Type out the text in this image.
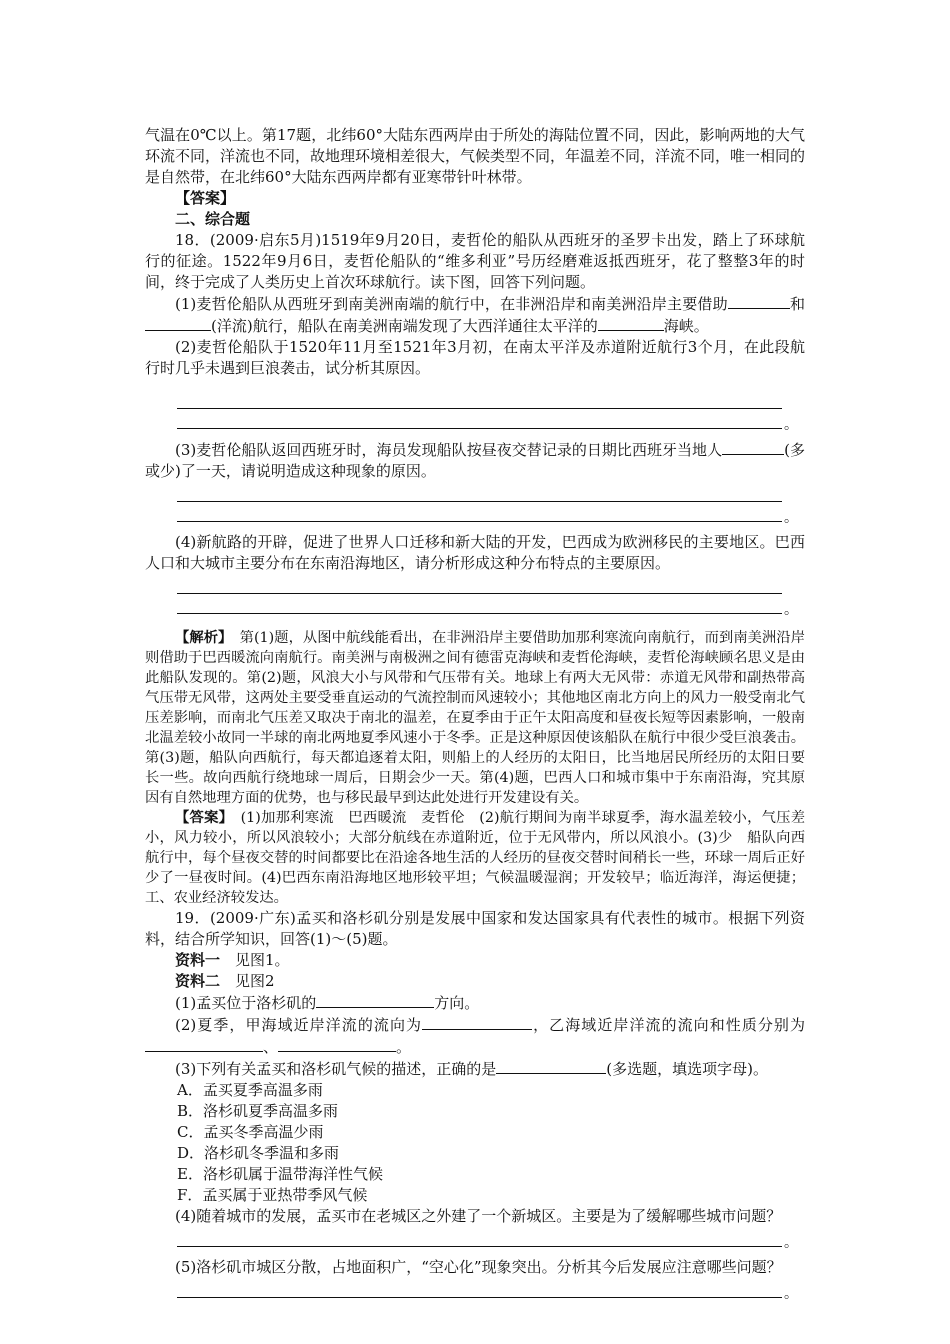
气温在0℃以上。第17题，北纬60°大陆东西两岸由于所处的海陆位置不同，因此，影响两地的大气环流不同，洋流也不同，故地理环境相差很大，气候类型不同，年温差不同，洋流不同，唯一相同的是自然带，在北纬60°大陆东西两岸都有亚寒带针叶林带。

【答案】

二、综合题

18．(2009·启东5月)1519年9月20日，麦哲伦的船队从西班牙的圣罗卡出发，踏上了环球航行的征途。1522年9月6日，麦哲伦船队的“维多利亚”号历经磨难返抵西班牙，花了整整3年的时间，终于完成了人类历史上首次环球航行。读下图，回答下列问题。

(1)麦哲伦船队从西班牙到南美洲南端的航行中，在非洲沿岸和南美洲沿岸主要借助	和(洋流)航行，船队在南美洲南端发现了大西洋通往太平洋的	海峡。

(2)麦哲伦船队于1520年11月至1521年3月初，在南太平洋及赤道附近航行3个月，在此段航行时几乎未遇到巨浪袭击，试分析其原因。

。

(3)麦哲伦船队返回西班牙时，海员发现船队按昼夜交替记录的日期比西班牙当地人	(多或少)了一天，请说明造成这种现象的原因。

。

(4)新航路的开辟，促进了世界人口迁移和新大陆的开发，巴西成为欧洲移民的主要地区。巴西人口和大城市主要分布在东南沿海地区，请分析形成这种分布特点的主要原因。

。

【解析】　第(1)题，从图中航线能看出，在非洲沿岸主要借助加那利寒流向南航行，而到南美洲沿岸则借助于巴西暖流向南航行。南美洲与南极洲之间有德雷克海峡和麦哲伦海峡，麦哲伦海峡顾名思义是由此船队发现的。第(2)题，风浪大小与风带和气压带有关。地球上有两大无风带：赤道无风带和副热带高气压带无风带，这两处主要受垂直运动的气流控制而风速较小；其他地区南北方向上的风力一般受南北气压差影响，而南北气压差又取决于南北的温差，在夏季由于正午太阳高度和昼夜长短等因素影响，一般南北温差较小故同一半球的南北两地夏季风速小于冬季。正是这种原因使该船队在航行中很少受巨浪袭击。第(3)题，船队向西航行，每天都追逐着太阳，则船上的人经历的太阳日，比当地居民所经历的太阳日要长一些。故向西航行绕地球一周后，日期会少一天。第(4)题，巴西人口和城市集中于东南沿海，究其原因有自然地理方面的优势，也与移民最早到达此处进行开发建设有关。

【答案】　(1)加那利寒流　巴西暖流　麦哲伦　(2)航行期间为南半球夏季，海水温差较小，气压差小，风力较小，所以风浪较小；大部分航线在赤道附近，位于无风带内，所以风浪小。(3)少　船队向西航行中，每个昼夜交替的时间都要比在沿途各地生活的人经历的昼夜交替时间稍长一些，环球一周后正好少了一昼夜时间。(4)巴西东南沿海地区地形较平坦；气候温暖湿润；开发较早；临近海洋，海运便捷；工、农业经济较发达。

19．(2009·广东)孟买和洛杉矶分别是发展中国家和发达国家具有代表性的城市。根据下列资料，结合所学知识，回答(1)～(5)题。

资料一　见图1。

资料二　见图2

(1)孟买位于洛杉矶的	方向。

(2)夏季，甲海域近岸洋流的流向为	，乙海域近岸洋流的流向和性质分别为、	。

(3)下列有关孟买和洛杉矶气候的描述，正确的是	(多选题，填选项字母)。

A．孟买夏季高温多雨

B．洛杉矶夏季高温多雨

C．孟买冬季高温少雨

D．洛杉矶冬季温和多雨

E．洛杉矶属于温带海洋性气候

F．孟买属于亚热带季风气候

(4)随着城市的发展，孟买市在老城区之外建了一个新城区。主要是为了缓解哪些城市问题？

。

(5)洛杉矶市城区分散，占地面积广，“空心化”现象突出。分析其今后发展应注意哪些问题？

。
